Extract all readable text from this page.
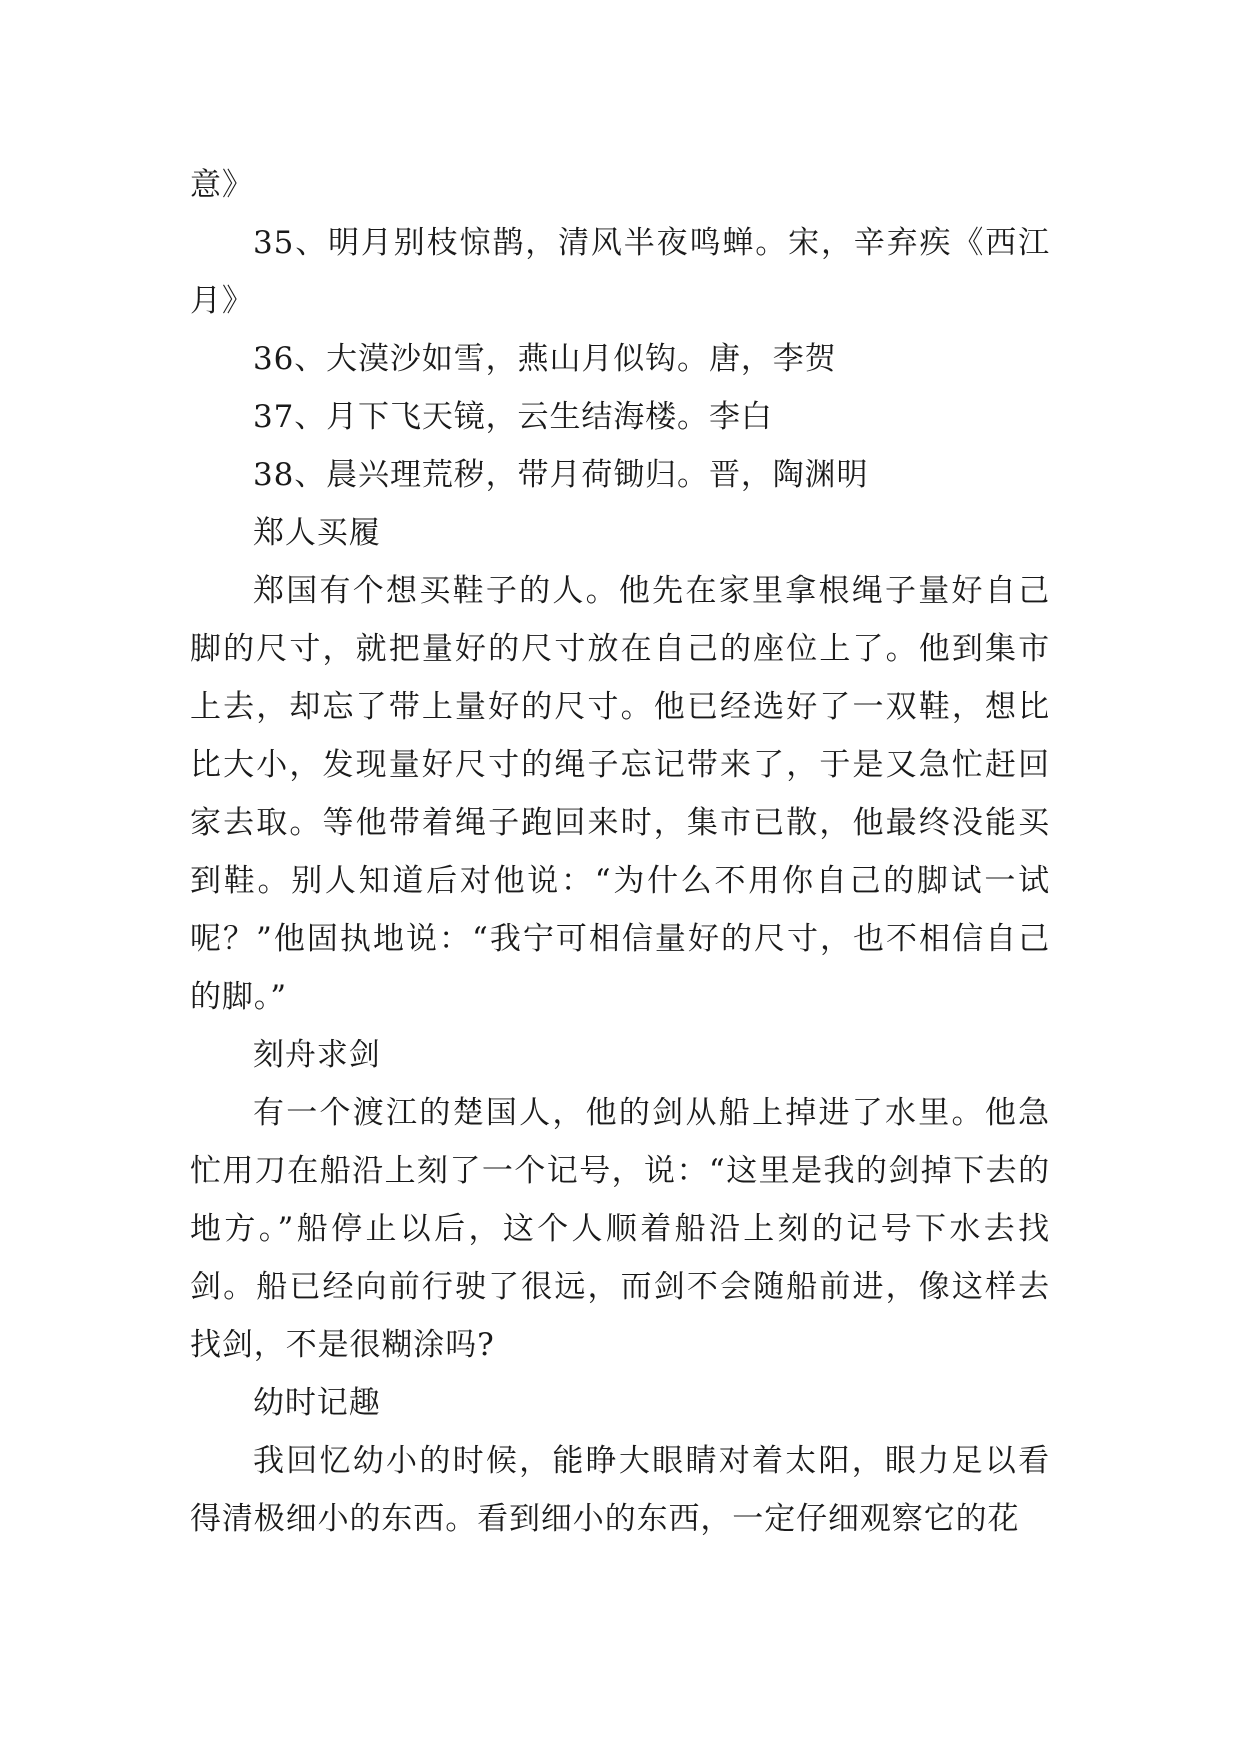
意》

35、明月别枝惊鹊，清风半夜鸣蝉。宋，辛弃疾《西江月》

36、大漠沙如雪，燕山月似钩。唐，李贺

37、月下飞天镜，云生结海楼。李白

38、晨兴理荒秽，带月荷锄归。晋，陶渊明

郑人买履

郑国有个想买鞋子的人。他先在家里拿根绳子量好自己脚的尺寸，就把量好的尺寸放在自己的座位上了。他到集市上去，却忘了带上量好的尺寸。他已经选好了一双鞋，想比比大小，发现量好尺寸的绳子忘记带来了，于是又急忙赶回家去取。等他带着绳子跑回来时，集市已散，他最终没能买到鞋。别人知道后对他说：“为什么不用你自己的脚试一试呢？”他固执地说：“我宁可相信量好的尺寸，也不相信自己的脚。”

刻舟求剑

有一个渡江的楚国人，他的剑从船上掉进了水里。他急忙用刀在船沿上刻了一个记号，说：“这里是我的剑掉下去的地方。”船停止以后，这个人顺着船沿上刻的记号下水去找剑。船已经向前行驶了很远，而剑不会随船前进，像这样去找剑，不是很糊涂吗?

幼时记趣

我回忆幼小的时候，能睁大眼睛对着太阳，眼力足以看得清极细小的东西。看到细小的东西，一定仔细观察它的花
